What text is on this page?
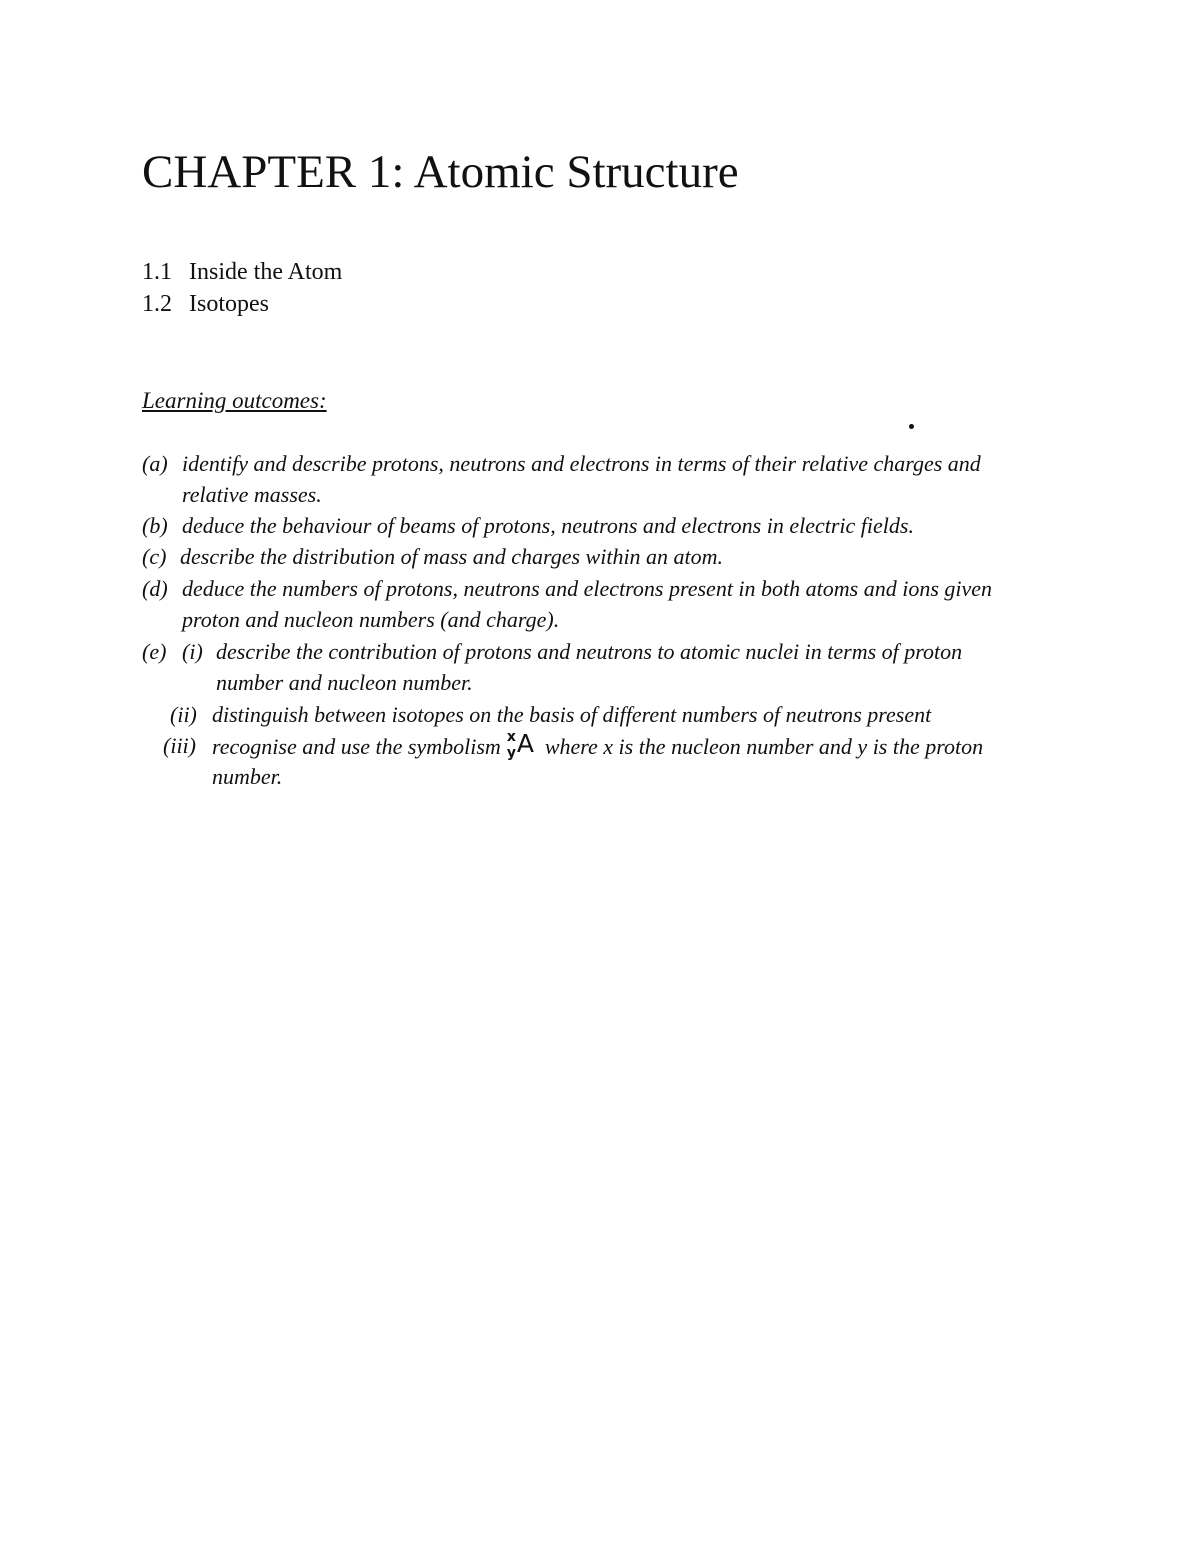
CHAPTER 1: Atomic Structure
1.1 Inside the Atom
1.2 Isotopes
Learning outcomes:
(a) identify and describe protons, neutrons and electrons in terms of their relative charges and
relative masses.
(b) deduce the behaviour of beams of protons, neutrons and electrons in electric fields.
(c) describe the distribution of mass and charges within an atom.
(d) deduce the numbers of protons, neutrons and electrons present in both atoms and ions given
proton and nucleon numbers (and charge).
(e) (i) describe the contribution of protons and neutrons to atomic nuclei in terms of proton
number and nucleon number.
(ii) distinguish between isotopes on the basis of different numbers of neutrons present
(iii) recognise and use the symbolism x
y A where x is the nucleon number and y is the proton
number.
